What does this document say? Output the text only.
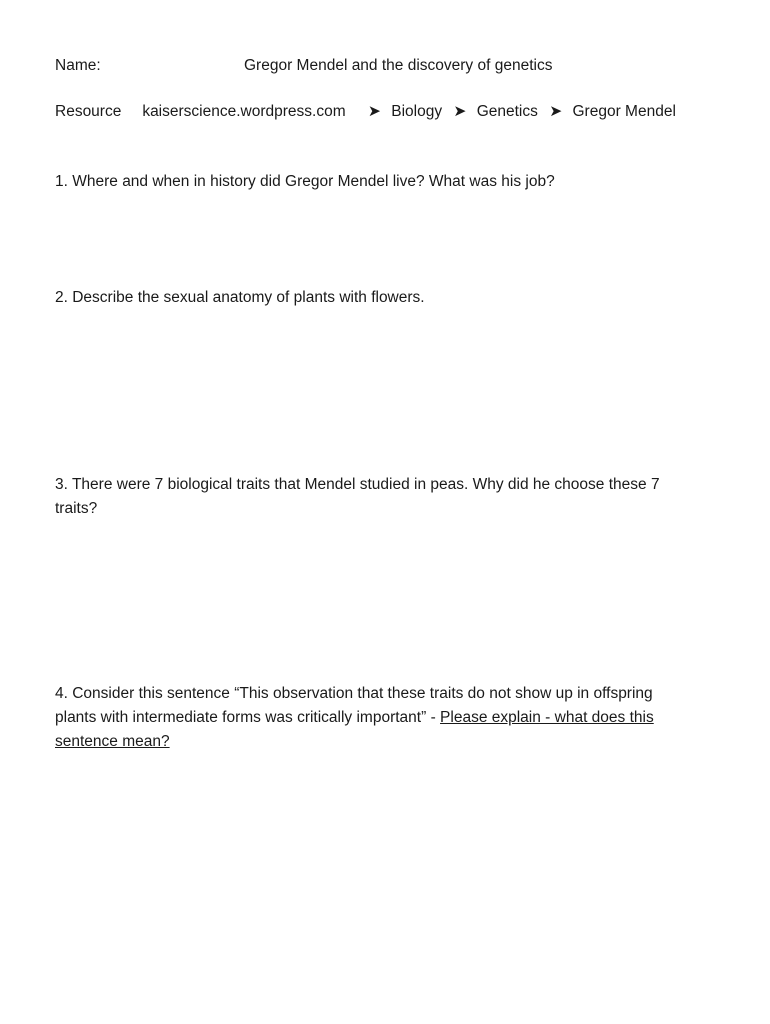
Name:	Gregor Mendel and the discovery of genetics
Resource kaiserscience.wordpress.com ➤ Biology ➤ Genetics ➤ Gregor Mendel
1. Where and when in history did Gregor Mendel live? What was his job?
2. Describe the sexual anatomy of plants with flowers.
3. There were 7 biological traits that Mendel studied in peas. Why did he choose these 7
traits?
4. Consider this sentence “This observation that these traits do not show up in offspring
plants with intermediate forms was critically important” - Please explain - what does this
sentence mean?
